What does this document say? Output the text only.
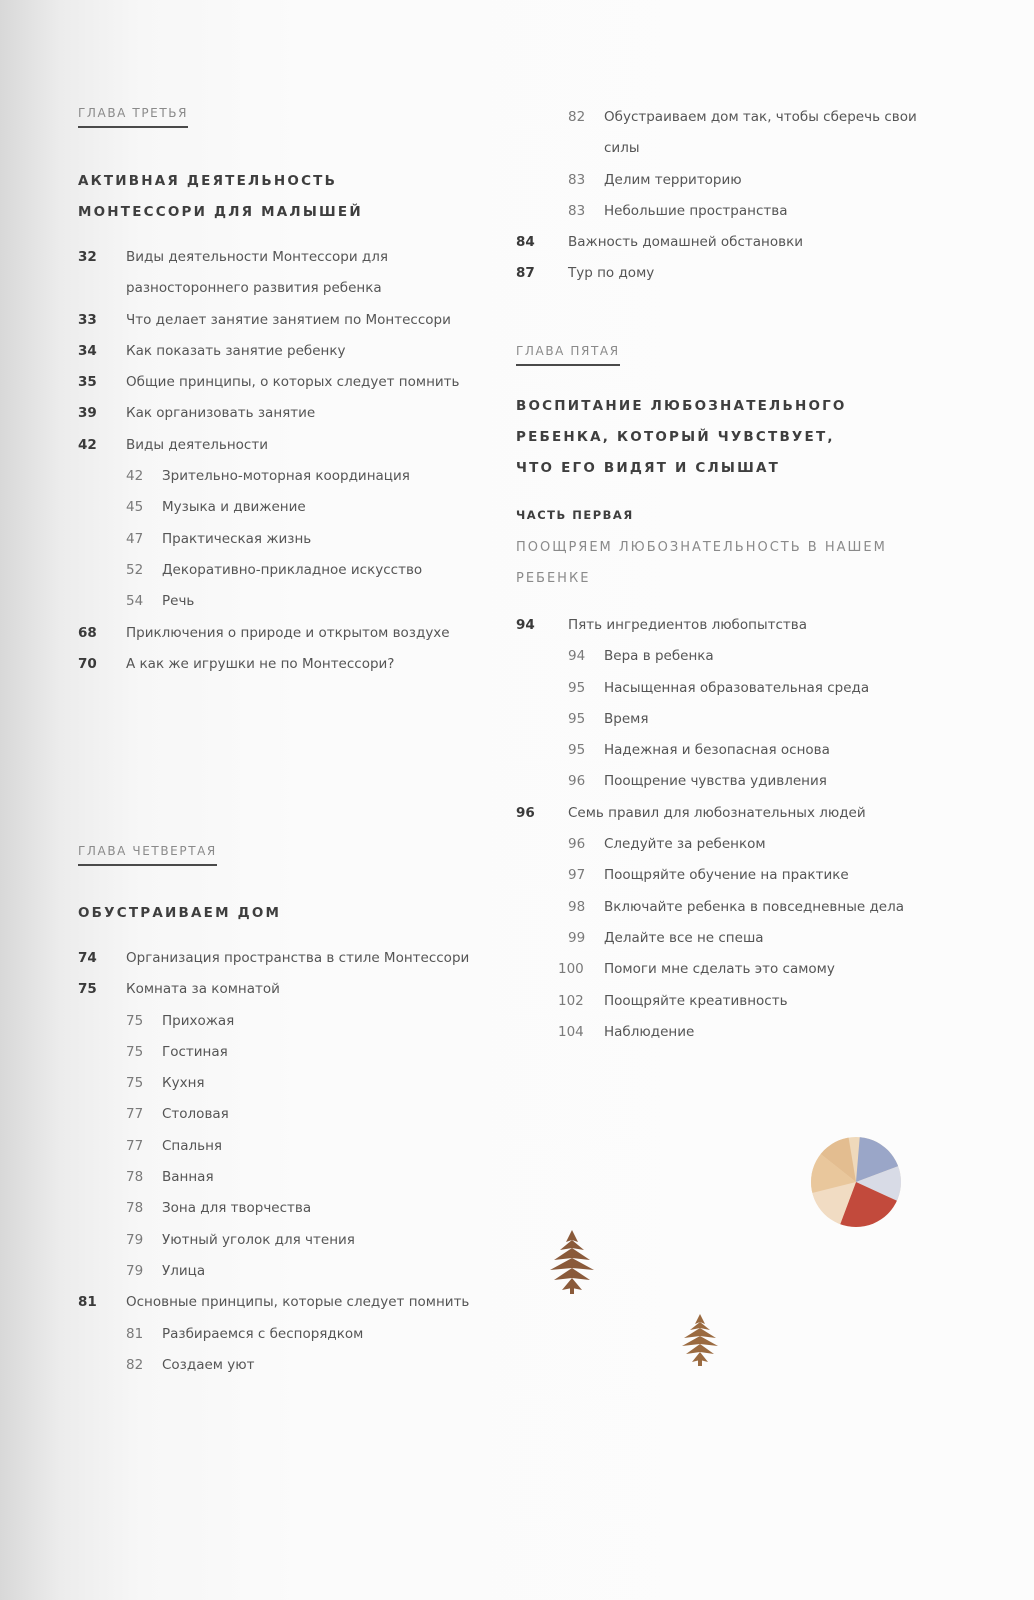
ГЛАВА ТРЕТЬЯ
АКТИВНАЯ ДЕЯТЕЛЬНОСТЬ
МОНТЕССОРИ ДЛЯ МАЛЫШЕЙ
32	Виды деятельности Монтессори для разностороннего развития ребенка
33	Что делает занятие занятием по Монтессори
34	Как показать занятие ребенку
35	Общие принципы, о которых следует помнить
39	Как организовать занятие
42	Виды деятельности
42	Зрительно-моторная координация
45	Музыка и движение
47	Практическая жизнь
52	Декоративно-прикладное искусство
54	Речь
68	Приключения о природе и открытом воздухе
70	А как же игрушки не по Монтессори?
ГЛАВА ЧЕТВЕРТАЯ
ОБУСТРАИВАЕМ ДОМ
74	Организация пространства в стиле Монтессори
75	Комната за комнатой
75	Прихожая
75	Гостиная
75	Кухня
77	Столовая
77	Спальня
78	Ванная
78	Зона для творчества
79	Уютный уголок для чтения
79	Улица
81	Основные принципы, которые следует помнить
81	Разбираемся с беспорядком
82	Создаем уют
82	Обустраиваем дом так, чтобы сберечь свои силы
83	Делим территорию
83	Небольшие пространства
84	Важность домашней обстановки
87	Тур по дому
ГЛАВА ПЯТАЯ
ВОСПИТАНИЕ ЛЮБОЗНАТЕЛЬНОГО
РЕБЕНКА, КОТОРЫЙ ЧУВСТВУЕТ,
ЧТО ЕГО ВИДЯТ И СЛЫШАТ
ЧАСТЬ ПЕРВАЯ
ПООЩРЯЕМ ЛЮБОЗНАТЕЛЬНОСТЬ В НАШЕМ
РЕБЕНКЕ
94	Пять ингредиентов любопытства
94	Вера в ребенка
95	Насыщенная образовательная среда
95	Время
95	Надежная и безопасная основа
96	Поощрение чувства удивления
96	Семь правил для любознательных людей
96	Следуйте за ребенком
97	Поощряйте обучение на практике
98	Включайте ребенка в повседневные дела
99	Делайте все не спеша
100	Помоги мне сделать это самому
102	Поощряйте креативность
104	Наблюдение
